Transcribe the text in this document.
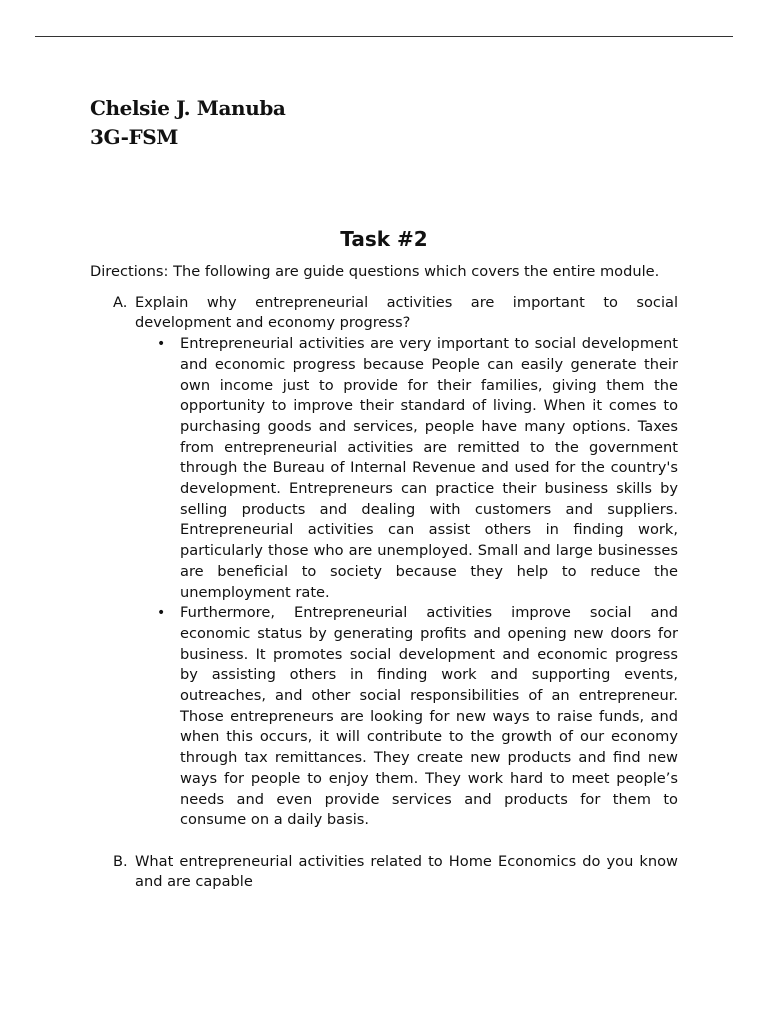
Chelsie J. Manuba
3G-FSM
Task #2
Directions: The following are guide questions which covers the entire module.
A. Explain why entrepreneurial activities are important to social development and economy progress?
•	Entrepreneurial activities are very important to social development and economic progress because People can easily generate their own income just to provide for their families, giving them the opportunity to improve their standard of living. When it comes to purchasing goods and services, people have many options. Taxes from entrepreneurial activities are remitted to the government through the Bureau of Internal Revenue and used for the country's development. Entrepreneurs can practice their business skills by selling products and dealing with customers and suppliers. Entrepreneurial activities can assist others in finding work, particularly those who are unemployed. Small and large businesses are beneficial to society because they help to reduce the unemployment rate.
•	Furthermore, Entrepreneurial activities improve social and economic status by generating profits and opening new doors for business. It promotes social development and economic progress by assisting others in finding work and supporting events, outreaches, and other social responsibilities of an entrepreneur. Those entrepreneurs are looking for new ways to raise funds, and when this occurs, it will contribute to the growth of our economy through tax remittances. They create new products and find new ways for people to enjoy them. They work hard to meet people’s needs and even provide services and products for them to consume on a daily basis.
B. What entrepreneurial activities related to Home Economics do you know and are capable
